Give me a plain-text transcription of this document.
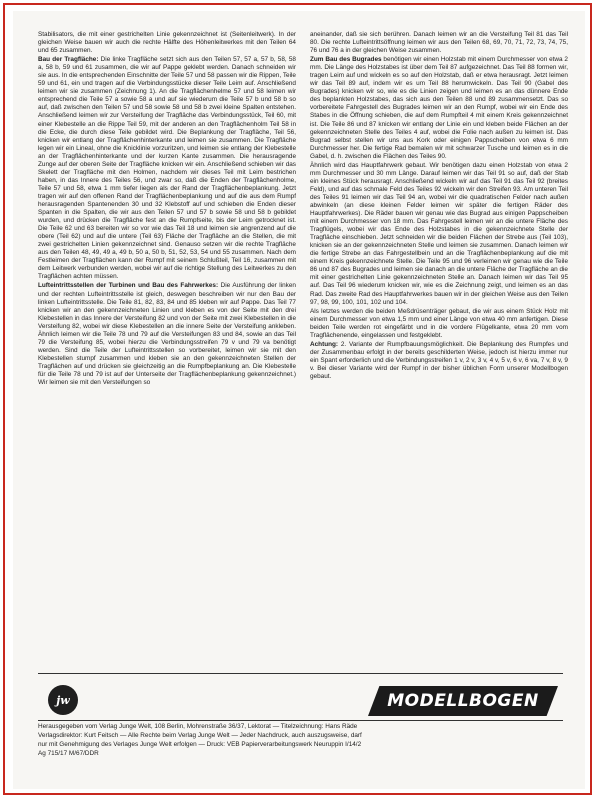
Stabilisators, die mit einer gestrichelten Linie gekennzeichnet ist (Seitenleitwerk). In der gleichen Weise bauen wir auch die rechte Hälfte des Höhenleitwerkes mit den Teilen 64 und 65 zusammen.

Bau der Tragfläche: Die linke Tragfläche setzt sich aus den Teilen 57, 57 a, 57 b, 58, 58 a, 58 b, 59 und 61 zusammen, die wir auf Pappe geklebt werden. Danach schneiden wir sie aus. In die entsprechenden Einschnitte der Teile 57 und 58 passen wir die Rippen, Teile 59 und 61, ein und tragen auf die Verbindungsstücke dieser Teile Leim auf. Anschließend leimen wir sie zusammen (Zeichnung 1). An die Tragflächenhelme 57 und 58 leimen wir entsprechend die Teile 57 a sowie 58 a und auf sie wiederum die Teile 57 b und 58 b so auf, daß zwischen den Teilen 57 und 58 sowie 58 und 58 b zwei kleine Spalten entstehen. Anschließend leimen wir zur Versteifung der Tragfläche das Verbindungsstück, Teil 60, mit einer Klebestelle an die Rippe Teil 59, mit der anderen an den Tragflächenholm Teil 58 in die Ecke, die durch diese Teile gebildet wird. Die Beplankung der Tragfläche, Teil 56, knicken wir entlang der Tragflächenhinterkante und leimen sie zusammen. Die Tragfläche legen wir ein Lineal, ohne die Knicklinie vorzuritzen, und leimen sie entlang der Klebestelle an der Tragflächenhinterkante und der kurzen Kante zusammen. Die herausragende Zunge auf der oberen Seite der Tragfläche knicken wir ein. Anschließend schieben wir das Skelett der Tragfläche mit den Holmen, nachdem wir dieses Teil mit Leim bestrichen haben, in das Innere des Teiles 56, und zwar so, daß die Enden der Tragflächenholme, Teile 57 und 58, etwa 1 mm tiefer liegen als der Rand der Tragflächenbeplankung. Jetzt tragen wir auf den offenen Rand der Tragflächenbeplankung und auf die aus dem Rumpf herausragenden Spantenenden 30 und 32 Klebstoff auf und schieben die Enden dieser Spanten in die Spalten, die wir aus den Teilen 57 und 57 b sowie 58 und 58 b gebildet wurden, und drücken die Tragfläche fest an die Rumpfseite, bis der Leim getrocknet ist. Die Teile 62 und 63 bereiten wir so vor wie das Teil 18 und leimen sie angrenzend auf die obere (Teil 62) und auf die untere (Teil 63) Fläche der Tragfläche an die Stellen, die mit zwei gestrichelten Linien gekennzeichnet sind. Genauso setzen wir die rechte Tragfläche aus den Teilen 48, 49, 49 a, 49 b, 50 a, 50 b, 51, 52, 53, 54 und 55 zusammen. Nach dem Festleimen der Tragflächen kann der Rumpf mit seinem Schlußteil, Teil 16, zusammen mit dem Leitwerk verbunden werden, wobei wir auf die richtige Stellung des Leitwerkes zu den Tragflächen achten müssen.

Lufteintrittsstellen der Turbinen und Bau des Fahrwerkes: Die Ausführung der linken und der rechten Lufteintrittsstelle ist gleich, deswegen beschreiben wir nur den Bau der linken Lufteintrittsstelle. Die Teile 81, 82, 83, 84 und 85 kleben wir auf Pappe. Das Teil 77 knicken wir an den gekennzeichneten Linien und kleben es von der Seite mit den drei Klebestellen in das Innere der Versteifung 82 und von der Seite mit zwei Klebestellen in die Versteifung 82, wobei wir diese Klebestellen an die innere Seite der Versteifung ankleben. Ähnlich leimen wir die Teile 78 und 79 auf die Versteifungen 83 und 84, sowie an das Teil 79 die Versteifung 85, wobei hierzu die Verbindungsstreifen 79 v und 79 va benötigt werden. Sind die Teile der Lufteintrittsstellen so vorbereitet, leimen wir sie mit den Klebestellen stumpf zusammen und kleben sie an den gekennzeichneten Stellen der Tragflächen auf und drücken sie gleichzeitig an die Rumpfbeplankung an. Die Klebestelle für die Teile 78 und 79 ist auf der Unterseite der Tragflächenbeplankung gekennzeichnet.) Wir leimen sie mit den Versteifungen so

aneinander, daß sie sich berühren. Danach leimen wir an die Versteifung Teil 81 das Teil 80. Die rechte Lufteintrittsöffnung leimen wir aus den Teilen 68, 69, 70, 71, 72, 73, 74, 75, 76 und 76 a in der gleichen Weise zusammen.

Zum Bau des Bugrades benötigen wir einen Holzstab mit einem Durchmesser von etwa 2 mm. Die Länge des Holzstabes ist über dem Teil 87 aufgezeichnet. Das Teil 88 formen wir, tragen Leim auf und wickeln es so auf den Holzstab, daß er etwa herausragt. Jetzt leimen wir das Teil 89 auf, indem wir es um Teil 88 herumwickeln. Das Teil 90 (Gabel des Bugrades) knicken wir so, wie es die Linien zeigen und leimen es an das dünnere Ende des beplankten Holzstabes, das sich aus den Teilen 88 und 89 zusammensetzt. Das so vorbereitete Fahrgestell des Bugrades leimen wir an den Rumpf, wobei wir ein Ende des Stabes in die Öffnung schieben, die auf dem Rumpfteil 4 mit einem Kreis gekennzeichnet ist. Die Teile 86 und 87 knicken wir entlang der Linie ein und kleben beide Flächen an der gekennzeichneten Stelle des Teiles 4 auf, wobei die Folie nach außen zu leimen ist. Das Bugrad selbst stellen wir uns aus Kork oder einigen Pappscheiben von etwa 6 mm Durchmesser her. Die fertige Rad bemalen wir mit schwarzer Tusche und leimen es in die Gabel, d. h. zwischen die Flächen des Teiles 90.

Ähnlich wird das Hauptfahrwerk gebaut. Wir benötigen dazu einen Holzstab von etwa 2 mm Durchmesser und 30 mm Länge. Darauf leimen wir das Teil 91 so auf, daß der Stab ein kleines Stück herausragt. Anschließend wickeln wir auf das Teil 91 das Teil 92 (breites Feld), und auf das schmale Feld des Teiles 92 wickeln wir den Streifen 93. Am unteren Teil des Teiles 91 leimen wir das Teil 94 an, wobei wir die quadratischen Felder nach außen abwinkeln (an diese kleinen Felder leimen wir später die fertigen Räder des Hauptfahrwerkes). Die Räder bauen wir genau wie das Bugrad aus einigen Pappscheiben mit einem Durchmesser von 18 mm. Das Fahrgestell leimen wir an die untere Fläche des Tragflügels, wobei wir das Ende des Holzstabes in die gekennzeichnete Stelle der Tragfläche einschieben. Jetzt schneiden wir die beiden Flächen der Strebe aus (Teil 103), knicken sie an der gekennzeichneten Stelle und leimen sie zusammen. Danach leimen wir die fertige Strebe an das Fahrgestellbein und an die Tragflächenbeplankung auf die mit einem Kreis gekennzeichnete Stelle. Die Teile 95 und 96 verleimen wir genau wie die Teile 86 und 87 des Bugrades und leimen sie danach an die untere Fläche der Tragfläche an die mit einer gestrichelten Linie gekennzeichneten Stelle an. Danach leimen wir das Teil 95 auf. Das Teil 96 wiederum knicken wir, wie es die Zeichnung zeigt, und leimen es an das Rad. Das zweite Rad des Hauptfahrwerkes bauen wir in der gleichen Weise aus den Teilen 97, 98, 99, 100, 101, 102 und 104.

Als letztes werden die beiden Meßdrüsenträger gebaut, die wir aus einem Stück Holz mit einem Durchmesser von etwa 1,5 mm und einer Länge von etwa 40 mm anfertigen. Diese beiden Teile werden rot eingefärbt und in die vordere Flügelkante, etwa 20 mm vom Tragflächenende, eingelassen und festgeklebt.

Achtung: 2. Variante der Rumpfbauungsmöglichkeit. Die Beplankung des Rumpfes und der Zusammenbau erfolgt in der bereits geschilderten Weise, jedoch ist hierzu immer nur ein Spant erforderlich und die Verbindungsstreifen 1 v, 2 v, 3 v, 4 v, 5 v, 6 v, 6 va, 7 v, 8 v, 9 v. Bei dieser Variante wird der Rumpf in der bisher üblichen Form unserer Modellbogen gebaut.

jw	MODELLBOGEN
Herausgegeben vom Verlag Junge Welt, 108 Berlin, Mohrenstraße 36/37, Lektorat — Titelzeichnung: Hans Räde
Verlagsdirektor: Kurt Feitsch — Alle Rechte beim Verlag Junge Welt — Jeder Nachdruck, auch auszugsweise, darf
nur mit Genehmigung des Verlages Junge Welt erfolgen — Druck: VEB Papierverarbeitungswerk Neuruppin I/14/2
Ag 715/17 M/67/DDR
